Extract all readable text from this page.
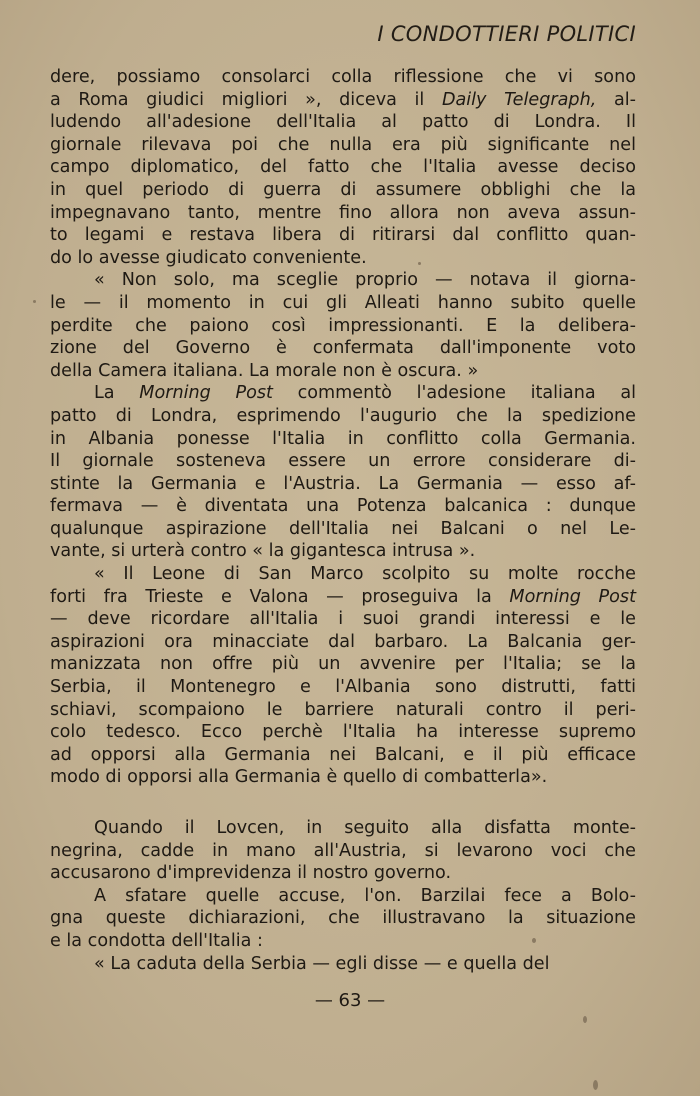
I CONDOTTIERI POLITICI
dere, possiamo consolarci colla riflessione che vi sono
a Roma giudici migliori », diceva il Daily Telegraph, al-
ludendo all'adesione dell'Italia al patto di Londra. Il
giornale rilevava poi che nulla era più significante nel
campo diplomatico, del fatto che l'Italia avesse deciso
in quel periodo di guerra di assumere obblighi che la
impegnavano tanto, mentre fino allora non aveva assun-
to legami e restava libera di ritirarsi dal conflitto quan-
do lo avesse giudicato conveniente.
« Non solo, ma sceglie proprio — notava il giorna-
le — il momento in cui gli Alleati hanno subito quelle
perdite che paiono così impressionanti. E la delibera-
zione del Governo è confermata dall'imponente voto
della Camera italiana. La morale non è oscura. »
La Morning Post commentò l'adesione italiana al
patto di Londra, esprimendo l'augurio che la spedizione
in Albania ponesse l'Italia in conflitto colla Germania.
Il giornale sosteneva essere un errore considerare di-
stinte la Germania e l'Austria. La Germania — esso af-
fermava — è diventata una Potenza balcanica : dunque
qualunque aspirazione dell'Italia nei Balcani o nel Le-
vante, si urterà contro « la gigantesca intrusa ».
« Il Leone di San Marco scolpito su molte rocche
forti fra Trieste e Valona — proseguiva la Morning Post
— deve ricordare all'Italia i suoi grandi interessi e le
aspirazioni ora minacciate dal barbaro. La Balcania ger-
manizzata non offre più un avvenire per l'Italia; se la
Serbia, il Montenegro e l'Albania sono distrutti, fatti
schiavi, scompaiono le barriere naturali contro il peri-
colo tedesco. Ecco perchè l'Italia ha interesse supremo
ad opporsi alla Germania nei Balcani, e il più efficace
modo di opporsi alla Germania è quello di combatterla».
Quando il Lovcen, in seguito alla disfatta monte-
negrina, cadde in mano all'Austria, si levarono voci che
accusarono d'imprevidenza il nostro governo.
A sfatare quelle accuse, l'on. Barzilai fece a Bolo-
gna queste dichiarazioni, che illustravano la situazione
e la condotta dell'Italia :
« La caduta della Serbia — egli disse — e quella del
— 63 —
